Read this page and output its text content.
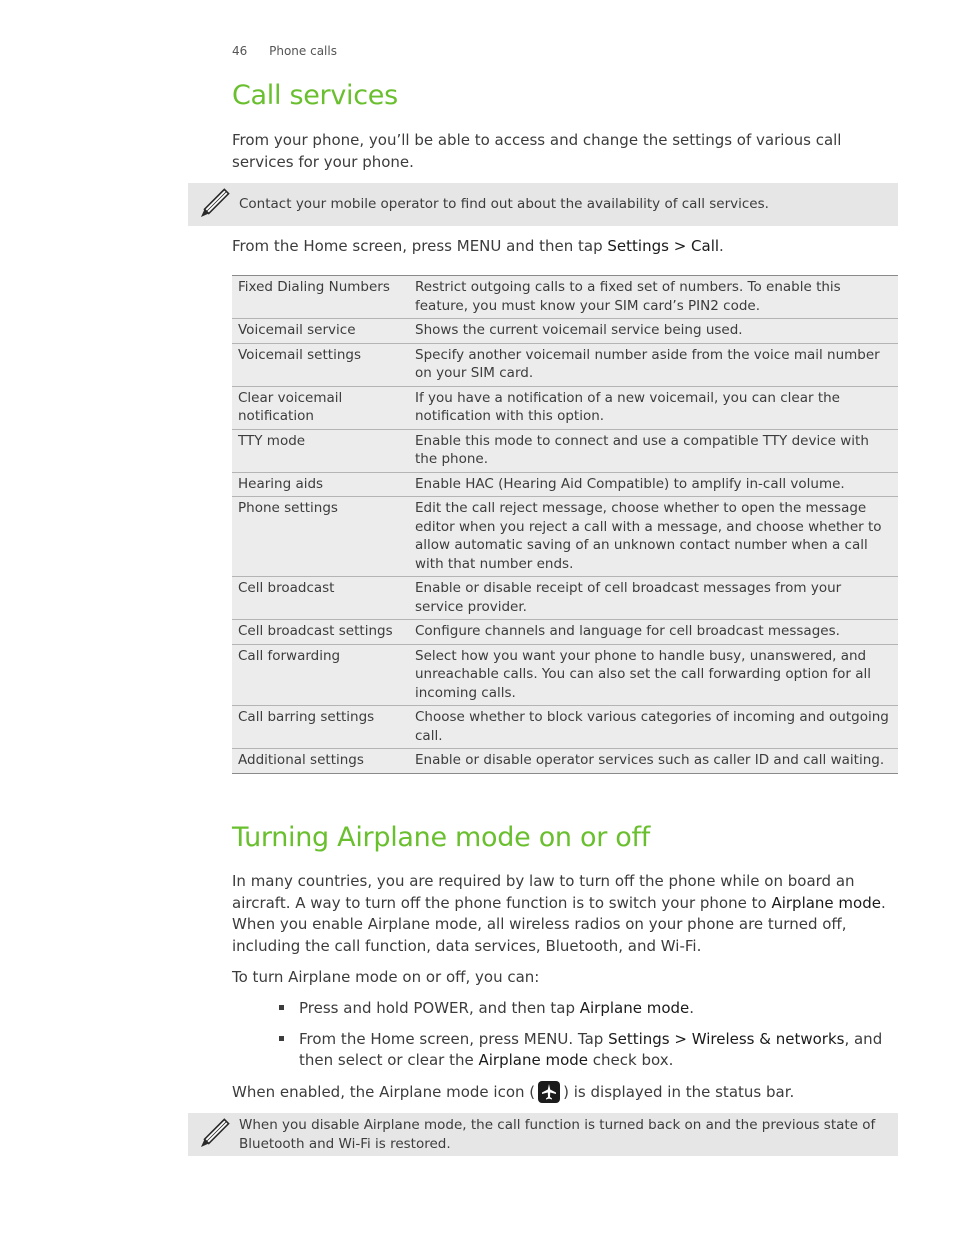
46 Phone calls
Call services

From your phone, you’ll be able to access and change the settings of various call services for your phone.

Contact your mobile operator to find out about the availability of call services.

From the Home screen, press MENU and then tap Settings > Call.

Fixed Dialing Numbers	Restrict outgoing calls to a fixed set of numbers. To enable this feature, you must know your SIM card’s PIN2 code.
Voicemail service	Shows the current voicemail service being used.
Voicemail settings	Specify another voicemail number aside from the voice mail number on your SIM card.
Clear voicemail notification	If you have a notification of a new voicemail, you can clear the notification with this option.
TTY mode	Enable this mode to connect and use a compatible TTY device with the phone.
Hearing aids	Enable HAC (Hearing Aid Compatible) to amplify in-call volume.
Phone settings	Edit the call reject message, choose whether to open the message editor when you reject a call with a message, and choose whether to allow automatic saving of an unknown contact number when a call with that number ends.
Cell broadcast	Enable or disable receipt of cell broadcast messages from your service provider.
Cell broadcast settings	Configure channels and language for cell broadcast messages.
Call forwarding	Select how you want your phone to handle busy, unanswered, and unreachable calls. You can also set the call forwarding option for all incoming calls.
Call barring settings	Choose whether to block various categories of incoming and outgoing call.
Additional settings	Enable or disable operator services such as caller ID and call waiting.
Turning Airplane mode on or off

In many countries, you are required by law to turn off the phone while on board an aircraft. A way to turn off the phone function is to switch your phone to Airplane mode. When you enable Airplane mode, all wireless radios on your phone are turned off, including the call function, data services, Bluetooth, and Wi-Fi.

To turn Airplane mode on or off, you can:

Press and hold POWER, and then tap Airplane mode.
From the Home screen, press MENU. Tap Settings > Wireless & networks, and then select or clear the Airplane mode check box.

When enabled, the Airplane mode icon ( ) is displayed in the status bar.

When you disable Airplane mode, the call function is turned back on and the previous state of Bluetooth and Wi-Fi is restored.
